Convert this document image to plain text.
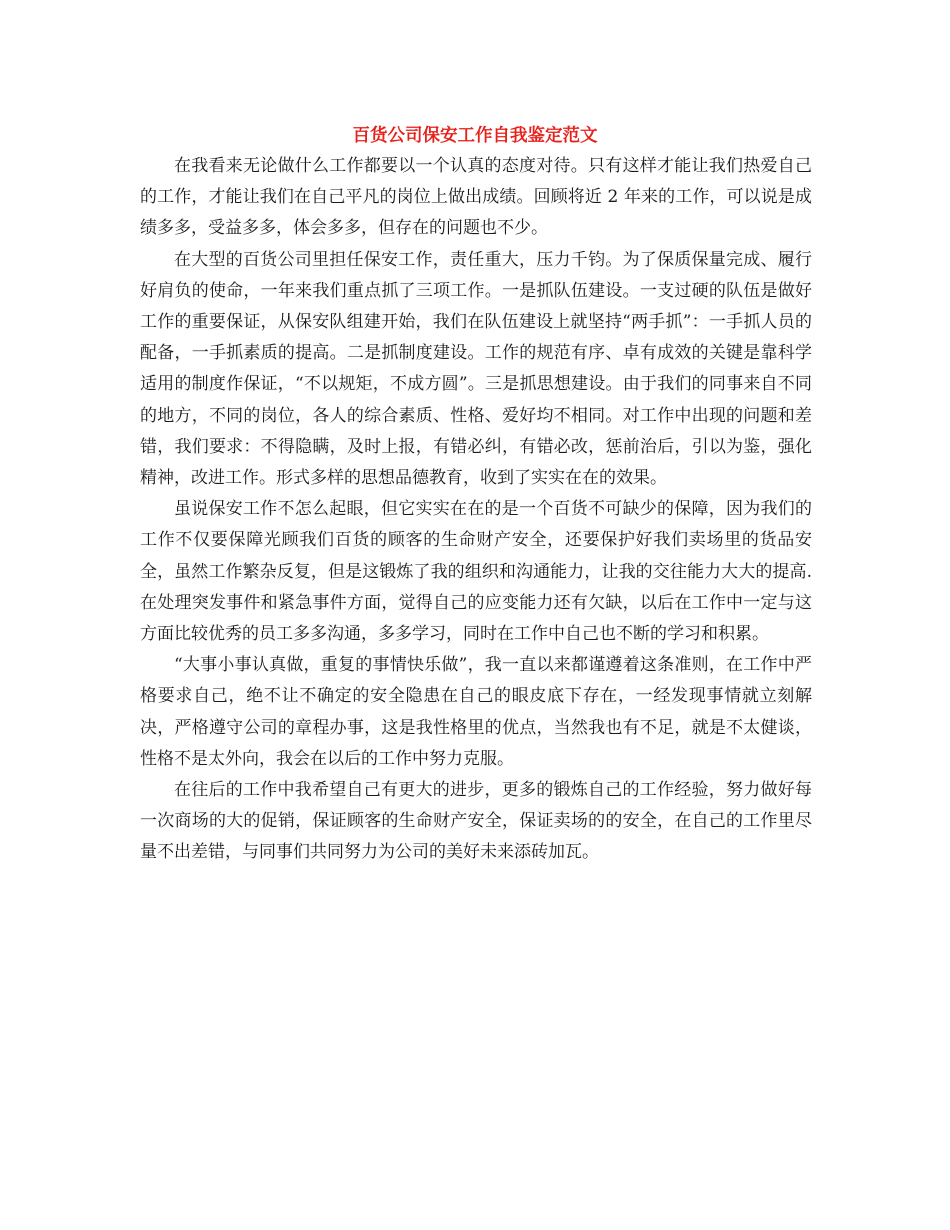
百货公司保安工作自我鉴定范文

在我看来无论做什么工作都要以一个认真的态度对待。只有这样才能让我们热爱自己的工作，才能让我们在自己平凡的岗位上做出成绩。回顾将近 2 年来的工作，可以说是成绩多多，受益多多，体会多多，但存在的问题也不少。

在大型的百货公司里担任保安工作，责任重大，压力千钧。为了保质保量完成、履行好肩负的使命，一年来我们重点抓了三项工作。一是抓队伍建设。一支过硬的队伍是做好工作的重要保证，从保安队组建开始，我们在队伍建设上就坚持“两手抓”：一手抓人员的配备，一手抓素质的提高。二是抓制度建设。工作的规范有序、卓有成效的关键是靠科学适用的制度作保证，“不以规矩，不成方圆”。三是抓思想建设。由于我们的同事来自不同的地方，不同的岗位，各人的综合素质、性格、爱好均不相同。对工作中出现的问题和差错，我们要求：不得隐瞒，及时上报，有错必纠，有错必改，惩前治后，引以为鉴，强化精神，改进工作。形式多样的思想品德教育，收到了实实在在的效果。

虽说保安工作不怎么起眼，但它实实在在的是一个百货不可缺少的保障，因为我们的工作不仅要保障光顾我们百货的顾客的生命财产安全，还要保护好我们卖场里的货品安全，虽然工作繁杂反复，但是这锻炼了我的组织和沟通能力，让我的交往能力大大的提高.在处理突发事件和紧急事件方面，觉得自己的应变能力还有欠缺，以后在工作中一定与这方面比较优秀的员工多多沟通，多多学习，同时在工作中自己也不断的学习和积累。

“大事小事认真做，重复的事情快乐做”，我一直以来都谨遵着这条准则，在工作中严格要求自己，绝不让不确定的安全隐患在自己的眼皮底下存在，一经发现事情就立刻解决，严格遵守公司的章程办事，这是我性格里的优点，当然我也有不足，就是不太健谈，性格不是太外向，我会在以后的工作中努力克服。

在往后的工作中我希望自己有更大的进步，更多的锻炼自己的工作经验，努力做好每一次商场的大的促销，保证顾客的生命财产安全，保证卖场的的安全，在自己的工作里尽量不出差错，与同事们共同努力为公司的美好未来添砖加瓦。
